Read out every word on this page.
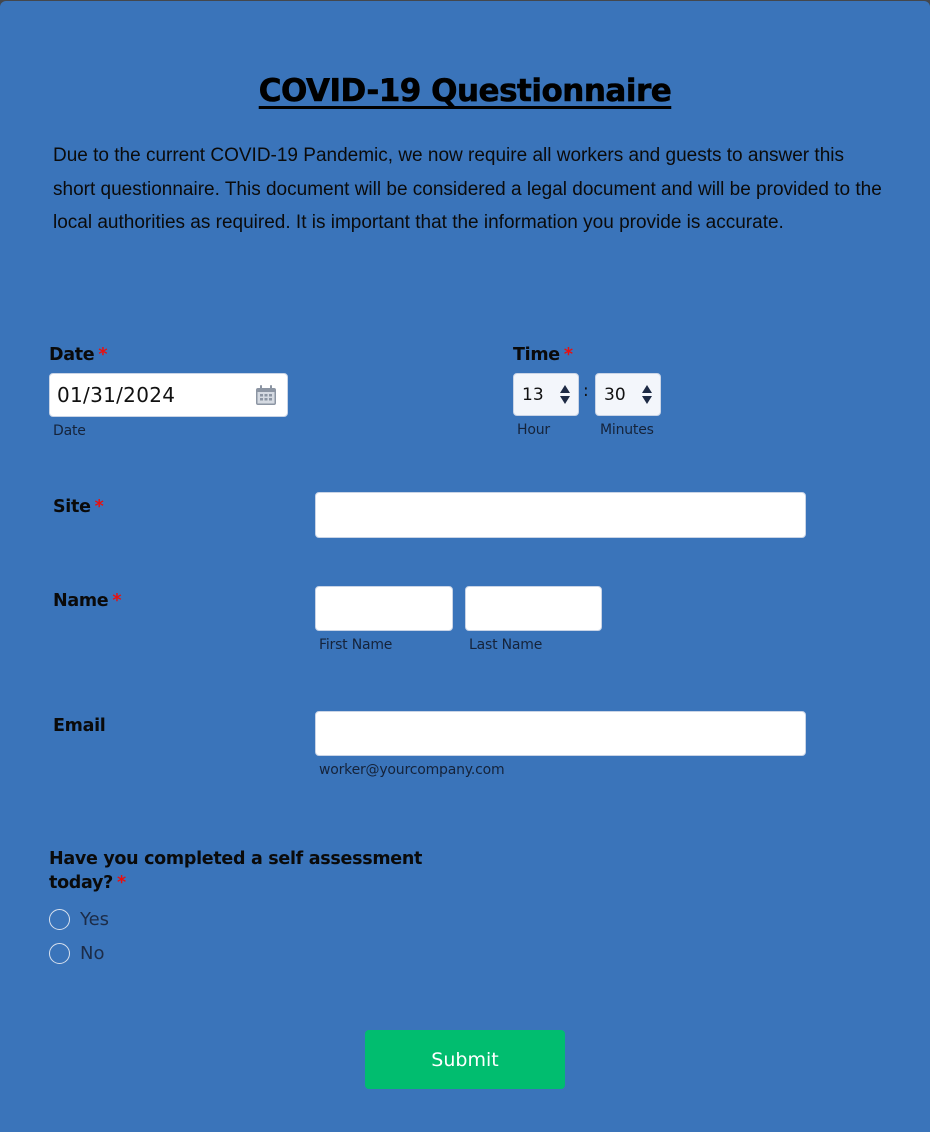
COVID-19 Questionnaire

Due to the current COVID-19 Pandemic, we now require all workers and guests to answer this short questionnaire. This document will be considered a legal document and will be provided to the local authorities as required. It is important that the information you provide is accurate.

Date *
01/31/2024
Date
Time *
13	: 30
Hour	Minutes
Site *
Name *
First Name	Last Name
Email
worker@yourcompany.com
Have you completed a self assessment today? *
Yes
No
Submit
